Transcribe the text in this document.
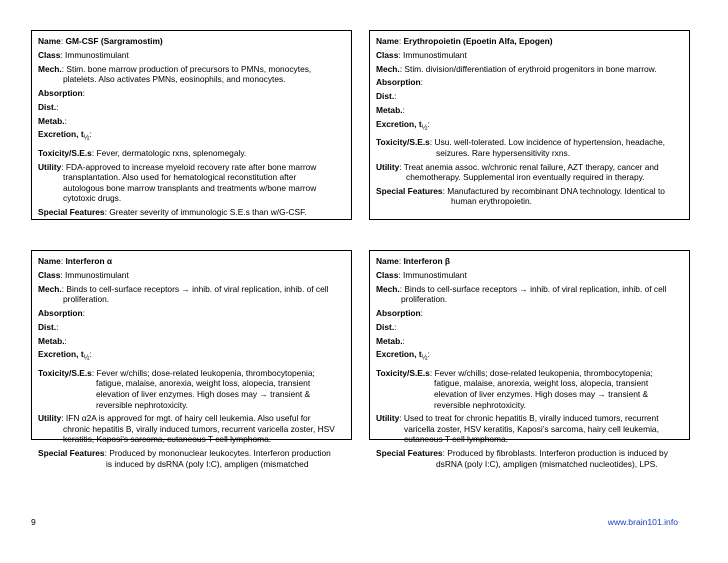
Name: GM-CSF (Sargramostim)
Class: Immunostimulant
Mech.: Stim. bone marrow production of precursors to PMNs, monocytes,
platelets. Also activates PMNs, eosinophils, and monocytes.
Absorption:
Dist.:
Metab.:
Excretion, $t_{\frac{1}{2}}$:
Toxicity/S.E.s: Fever, dermatologic rxns, splenomegaly.
Utility: FDA-approved to increase myeloid recovery rate after bone marrow
transplantation. Also used for hematological reconstitution after
autologous bone marrow transplants and treatments w/bone marrow
cytotoxic drugs.
Special Features: Greater severity of immunologic S.E.s than w/G-CSF.
Name: Erythropoietin (Epoetin Alfa, Epogen)
Class: Immunostimulant
Mech.: Stim. division/differentiation of erythroid progenitors in bone marrow.
Absorption:
Dist.:
Metab.:
Excretion, $t_{\frac{1}{2}}$:
Toxicity/S.E.s: Usu. well-tolerated. Low incidence of hypertension, headache,
seizures. Rare hypersensitivity rxns.
Utility: Treat anemia assoc. w/chronic renal failure, AZT therapy, cancer and
chemotherapy. Supplemental iron eventually required in therapy.
Special Features: Manufactured by recombinant DNA technology. Identical to
human erythropoietin.
Name: Interferon α
Class: Immunostimulant
Mech.: Binds to cell-surface receptors → inhib. of viral replication, inhib. of cell
proliferation.
Absorption:
Dist.:
Metab.:
Excretion, $t_{\frac{1}{2}}$:
Toxicity/S.E.s: Fever w/chills; dose-related leukopenia, thrombocytopenia;
fatigue, malaise, anorexia, weight loss, alopecia, transient
elevation of liver enzymes. High doses may → transient &
reversible nephrotoxicity.
Utility: IFN α2A is approved for mgt. of hairy cell leukemia. Also useful for
chronic hepatitis B, virally induced tumors, recurrent varicella zoster, HSV
keratitis, Kaposi’s sarcoma, cutaneous T cell lymphoma.
Special Features: Produced by mononuclear leukocytes. Interferon production
is induced by dsRNA (poly I:C), ampligen (mismatched
Name: Interferon β
Class: Immunostimulant
Mech.: Binds to cell-surface receptors → inhib. of viral replication, inhib. of cell
proliferation.
Absorption:
Dist.:
Metab.:
Excretion, $t_{\frac{1}{2}}$:
Toxicity/S.E.s: Fever w/chills; dose-related leukopenia, thrombocytopenia;
fatigue, malaise, anorexia, weight loss, alopecia, transient
elevation of liver enzymes. High doses may → transient &
reversible nephrotoxicity.
Utility: Used to treat for chronic hepatitis B, virally induced tumors, recurrent
varicella zoster, HSV keratitis, Kaposi’s sarcoma, hairy cell leukemia,
cutaneous T cell lymphoma.
Special Features: Produced by fibroblasts. Interferon production is induced by
dsRNA (poly I:C), ampligen (mismatched nucleotides), LPS.
9	www.brain101.info
